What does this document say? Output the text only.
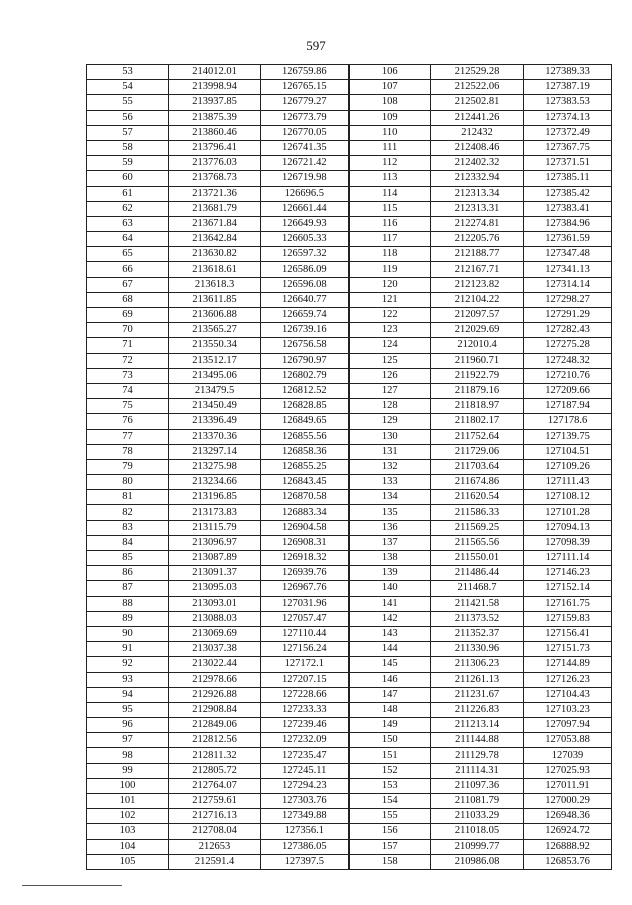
597
53	214012.01	126759.86	106	212529.28	127389.33
54	213998.94	126765.15	107	212522.06	127387.19
55	213937.85	126779.27	108	212502.81	127383.53
56	213875.39	126773.79	109	212441.26	127374.13
57	213860.46	126770.05	110	212432	127372.49
58	213796.41	126741.35	111	212408.46	127367.75
59	213776.03	126721.42	112	212402.32	127371.51
60	213768.73	126719.98	113	212332.94	127385.11
61	213721.36	126696.5	114	212313.34	127385.42
62	213681.79	126661.44	115	212313.31	127383.41
63	213671.84	126649.93	116	212274.81	127384.96
64	213642.84	126605.33	117	212205.76	127361.59
65	213630.82	126597.32	118	212188.77	127347.48
66	213618.61	126586.09	119	212167.71	127341.13
67	213618.3	126596.08	120	212123.82	127314.14
68	213611.85	126640.77	121	212104.22	127298.27
69	213606.88	126659.74	122	212097.57	127291.29
70	213565.27	126739.16	123	212029.69	127282.43
71	213550.34	126756.58	124	212010.4	127275.28
72	213512.17	126790.97	125	211960.71	127248.32
73	213495.06	126802.79	126	211922.79	127210.76
74	213479.5	126812.52	127	211879.16	127209.66
75	213450.49	126828.85	128	211818.97	127187.94
76	213396.49	126849.65	129	211802.17	127178.6
77	213370.36	126855.56	130	211752.64	127139.75
78	213297.14	126858.36	131	211729.06	127104.51
79	213275.98	126855.25	132	211703.64	127109.26
80	213234.66	126843.45	133	211674.86	127111.43
81	213196.85	126870.58	134	211620.54	127108.12
82	213173.83	126883.34	135	211586.33	127101.28
83	213115.79	126904.58	136	211569.25	127094.13
84	213096.97	126908.31	137	211565.56	127098.39
85	213087.89	126918.32	138	211550.01	127111.14
86	213091.37	126939.76	139	211486.44	127146.23
87	213095.03	126967.76	140	211468.7	127152.14
88	213093.01	127031.96	141	211421.58	127161.75
89	213088.03	127057.47	142	211373.52	127159.83
90	213069.69	127110.44	143	211352.37	127156.41
91	213037.38	127156.24	144	211330.96	127151.73
92	213022.44	127172.1	145	211306.23	127144.89
93	212978.66	127207.15	146	211261.13	127126.23
94	212926.88	127228.66	147	211231.67	127104.43
95	212908.84	127233.33	148	211226.83	127103.23
96	212849.06	127239.46	149	211213.14	127097.94
97	212812.56	127232.09	150	211144.88	127053.88
98	212811.32	127235.47	151	211129.78	127039
99	212805.72	127245.11	152	211114.31	127025.93
100	212764.07	127294.23	153	211097.36	127011.91
101	212759.61	127303.76	154	211081.79	127000.29
102	212716.13	127349.88	155	211033.29	126948.36
103	212708.04	127356.1	156	211018.05	126924.72
104	212653	127386.05	157	210999.77	126888.92
105	212591.4	127397.5	158	210986.08	126853.76
